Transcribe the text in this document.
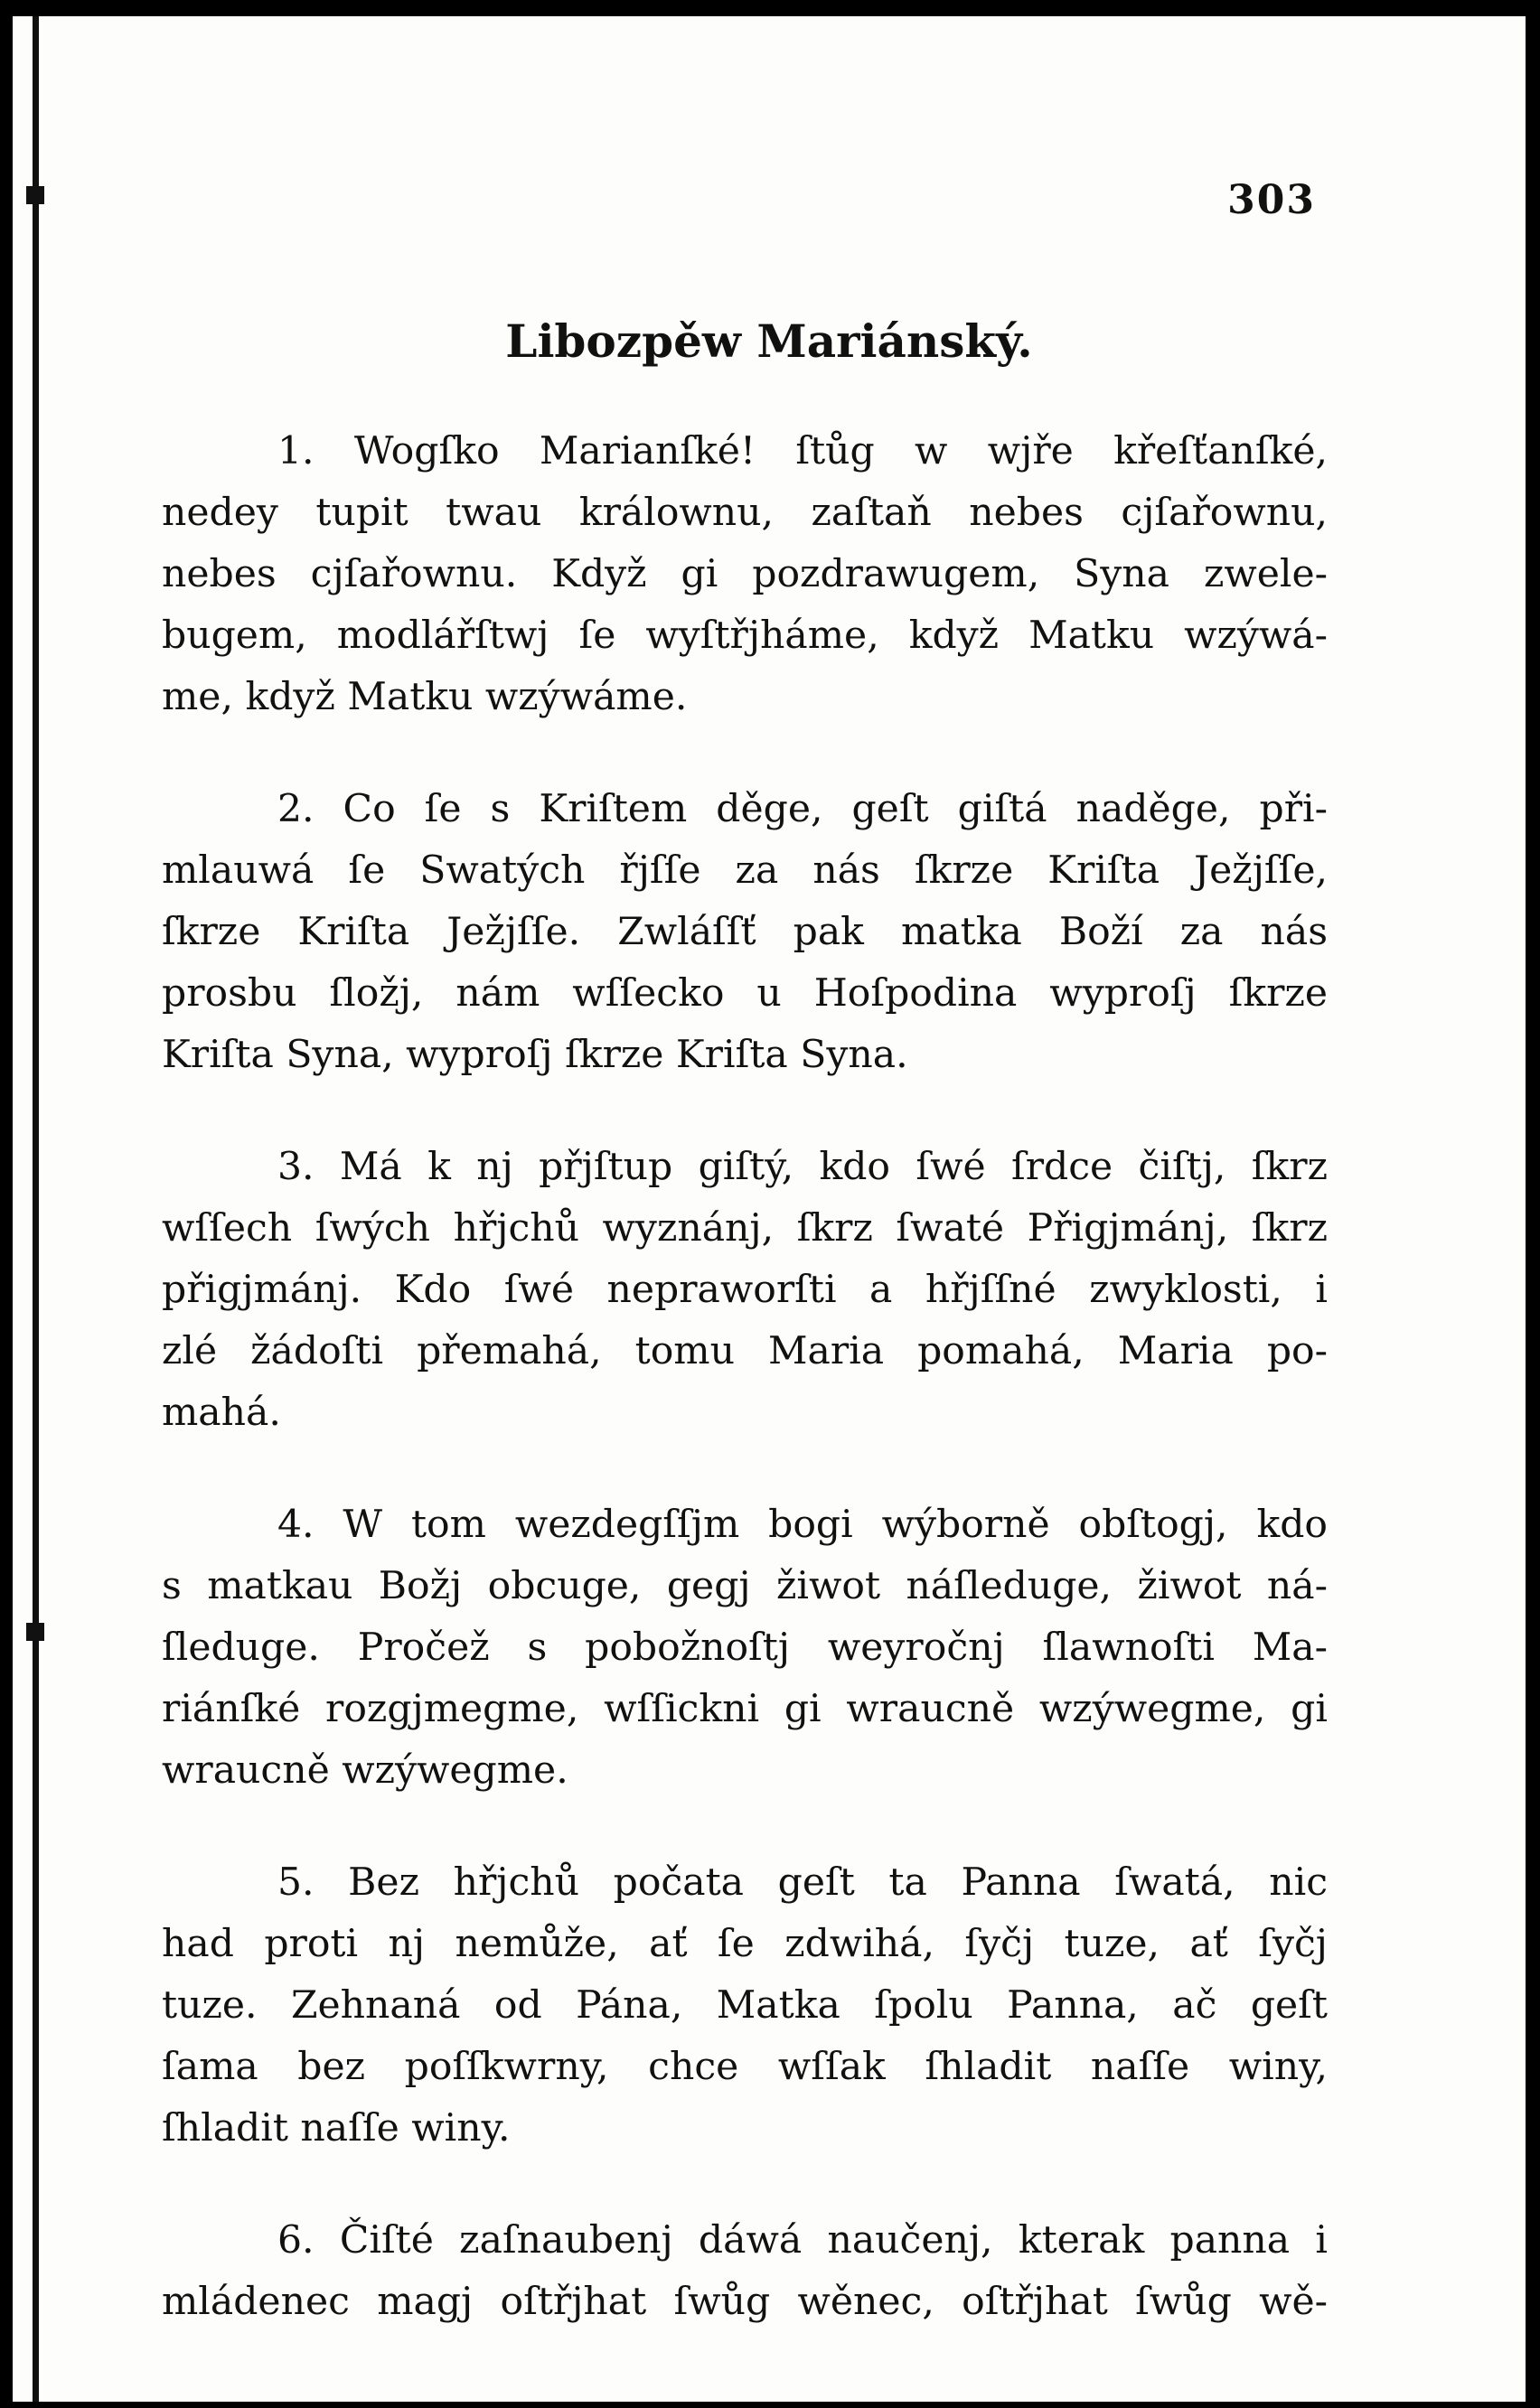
303
Libozpěw Mariánský.
1. Wogſko Marianſké! ſtůg w wjře křeſťanſké,
nedey tupit twau králownu, zaſtaň nebes cjſařownu,
nebes cjſařownu. Když gi pozdrawugem, Syna zwele-
bugem, modlářſtwj ſe wyſtřjháme, když Matku wzýwá-
me, když Matku wzýwáme.
2. Co ſe s Kriſtem děge, geſt giſtá naděge, při-
mlauwá ſe Swatých řjſſe za nás ſkrze Kriſta Ježjſſe,
ſkrze Kriſta Ježjſſe. Zwláſſť pak matka Boží za nás
prosbu ſložj, nám wſſecko u Hoſpodina wyproſj ſkrze
Kriſta Syna, wyproſj ſkrze Kriſta Syna.
3. Má k nj přjſtup giſtý, kdo ſwé ſrdce čiſtj, ſkrz
wſſech ſwých hřjchů wyznánj, ſkrz ſwaté Přigjmánj, ſkrz
přigjmánj. Kdo ſwé nepraworſti a hřjſſné zwyklosti, i
zlé žádoſti přemahá, tomu Maria pomahá, Maria po-
mahá.
4. W tom wezdegſſjm bogi wýborně obſtogj, kdo
s matkau Božj obcuge, gegj žiwot náſleduge, žiwot ná-
ſleduge. Pročež s pobožnoſtj weyročnj ſlawnoſti Ma-
riánſké rozgjmegme, wſſickni gi wraucně wzýwegme, gi
wraucně wzýwegme.
5. Bez hřjchů počata geſt ta Panna ſwatá, nic
had proti nj nemůže, ať ſe zdwihá, ſyčj tuze, ať ſyčj
tuze. Zehnaná od Pána, Matka ſpolu Panna, ač geſt
ſama bez poſſkwrny, chce wſſak ſhladit naſſe winy,
ſhladit naſſe winy.
6. Čiſté zaſnaubenj dáwá naučenj, kterak panna i
mládenec magj oſtřjhat ſwůg wěnec, oſtřjhat ſwůg wě-
